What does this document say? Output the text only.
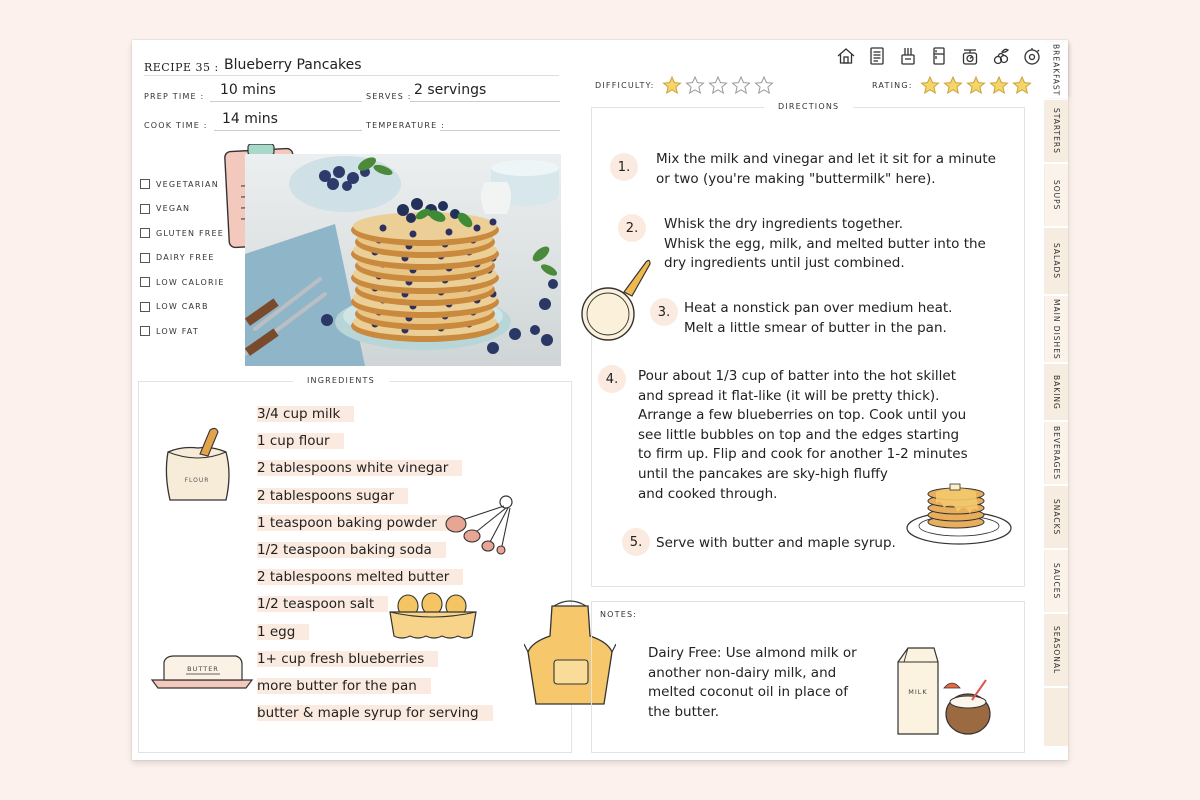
RECIPE 35 : Blueberry Pancakes
PREP TIME : 10 mins	SERVES : 2 servings
COOK TIME : 14 mins	TEMPERATURE :
DIFFICULTY:	RATING:
VEGETARIAN
VEGAN
GLUTEN FREE
DAIRY FREE
LOW CALORIE
LOW CARB
LOW FAT
INGREDIENTS
3/4 cup milk
1 cup flour
2 tablespoons white vinegar
2 tablespoons sugar
1 teaspoon baking powder
1/2 teaspoon baking soda
2 tablespoons melted butter
1/2 teaspoon salt
1 egg
1+ cup fresh blueberries
more butter for the pan
butter & maple syrup for serving
FLOUR
BUTTER
DIRECTIONS
1.	Mix the milk and vinegar and let it sit for a minute
or two (you're making "buttermilk" here).
2.	Whisk the dry ingredients together.
Whisk the egg, milk, and melted butter into the
dry ingredients until just combined.
3.	Heat a nonstick pan over medium heat.
Melt a little smear of butter in the pan.
4.	Pour about 1/3 cup of batter into the hot skillet
and spread it flat-like (it will be pretty thick).
Arrange a few blueberries on top. Cook until you
see little bubbles on top and the edges starting
to firm up. Flip and cook for another 1-2 minutes
until the pancakes are sky-high fluffy
and cooked through.
5.	Serve with butter and maple syrup.
NOTES:
Dairy Free: Use almond milk or
another non-dairy milk, and
melted coconut oil in place of
the butter.
MILK
BREAKFAST
STARTERS
SOUPS
SALADS
MAIN DISHES
BAKING
BEVERAGES
SNACKS
SAUCES
SEASONAL
